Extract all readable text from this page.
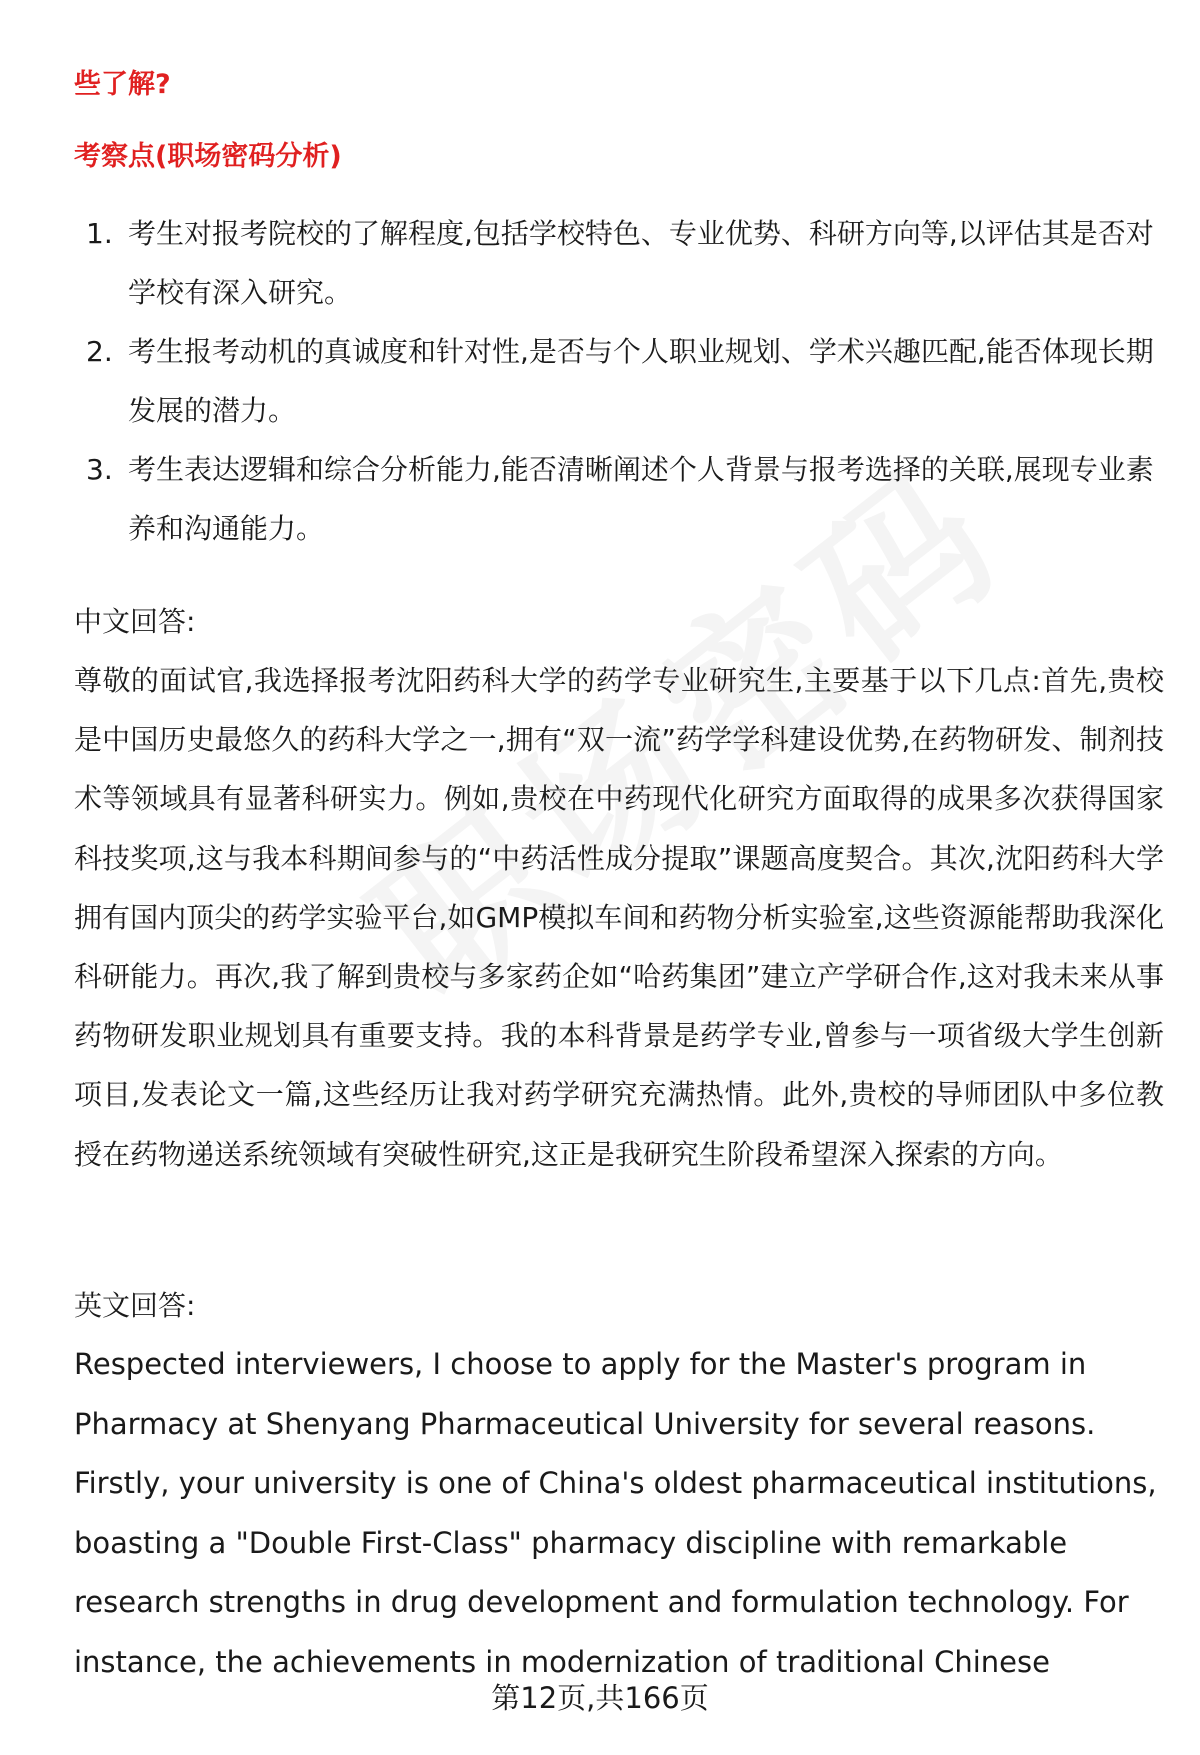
些了解?

考察点(职场密码分析)

1. 考生对报考院校的了解程度,包括学校特色、专业优势、科研方向等,以评估其是否对学校有深入研究。
2. 考生报考动机的真诚度和针对性,是否与个人职业规划、学术兴趣匹配,能否体现长期发展的潜力。
3. 考生表达逻辑和综合分析能力,能否清晰阐述个人背景与报考选择的关联,展现专业素养和沟通能力。

中文回答:

尊敬的面试官,我选择报考沈阳药科大学的药学专业研究生,主要基于以下几点:首先,贵校是中国历史最悠久的药科大学之一,拥有“双一流”药学学科建设优势,在药物研发、制剂技术等领域具有显著科研实力。例如,贵校在中药现代化研究方面取得的成果多次获得国家科技奖项,这与我本科期间参与的“中药活性成分提取”课题高度契合。其次,沈阳药科大学拥有国内顶尖的药学实验平台,如GMP模拟车间和药物分析实验室,这些资源能帮助我深化科研能力。再次,我了解到贵校与多家药企如“哈药集团”建立产学研合作,这对我未来从事药物研发职业规划具有重要支持。我的本科背景是药学专业,曾参与一项省级大学生创新项目,发表论文一篇,这些经历让我对药学研究充满热情。此外,贵校的导师团队中多位教授在药物递送系统领域有突破性研究,这正是我研究生阶段希望深入探索的方向。

英文回答:

Respected interviewers, I choose to apply for the Master's program in Pharmacy at Shenyang Pharmaceutical University for several reasons. Firstly, your university is one of China's oldest pharmaceutical institutions, boasting a "Double First-Class" pharmacy discipline with remarkable research strengths in drug development and formulation technology. For instance, the achievements in modernization of traditional Chinese

第12页,共166页
